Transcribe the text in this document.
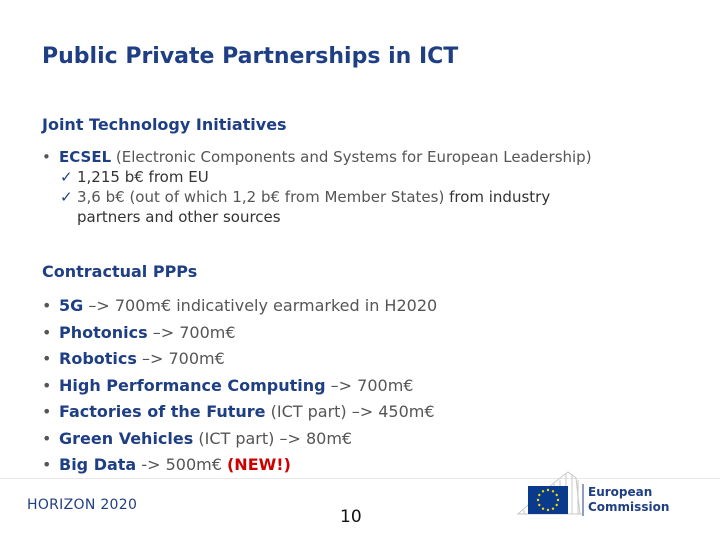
Public Private Partnerships in ICT
Joint Technology Initiatives
• ECSEL (Electronic Components and Systems for European Leadership)
✓ 1,215 b€ from EU
✓ 3,6 b€ (out of which 1,2 b€ from Member States) from industry
partners and other sources
Contractual PPPs
• 5G –> 700m€ indicatively earmarked in H2020
• Photonics –> 700m€
• Robotics –> 700m€
• High Performance Computing –> 700m€
• Factories of the Future (ICT part) –> 450m€
• Green Vehicles (ICT part) –> 80m€
• Big Data -> 500m€ (NEW!)
HORIZON 2020
10
European
Commission
